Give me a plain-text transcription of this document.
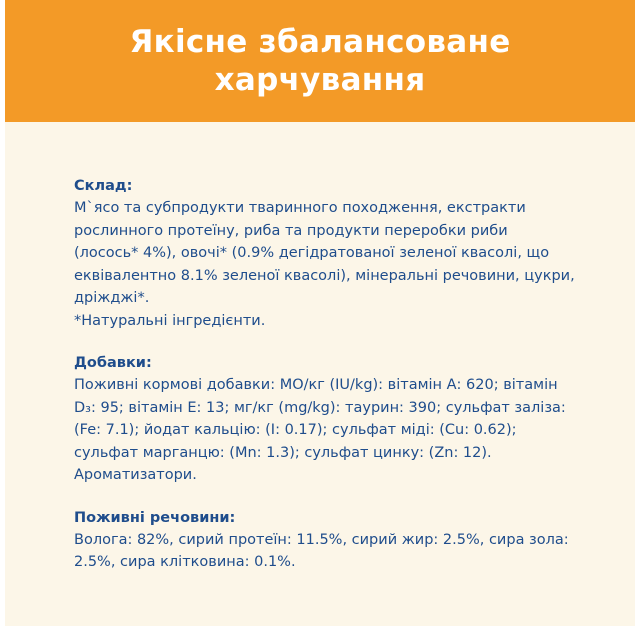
Якісне збалансоване
харчування
Склад:
М`ясо та субпродукти тваринного походження, екстракти
рослинного протеїну, риба та продукти переробки риби
(лосось* 4%), овочі* (0.9% дегідратованої зеленої квасолі, що
еквівалентно 8.1% зеленої квасолі), мінеральні речовини, цукри,
дріжджі*.
*Натуральні інгредієнти.
Добавки:
Поживні кормові добавки: МО/кг (IU/kg): вітамін А: 620; вітамін
D₃: 95; вітамін Е: 13; мг/кг (mg/kg): таурин: 390; сульфат заліза:
(Fe: 7.1); йодат кальцію: (I: 0.17); сульфат міді: (Cu: 0.62);
сульфат марганцю: (Mn: 1.3); сульфат цинку: (Zn: 12).
Ароматизатори.
Поживні речовини:
Волога: 82%, сирий протеїн: 11.5%, сирий жир: 2.5%, сира зола:
2.5%, сира клітковина: 0.1%.
